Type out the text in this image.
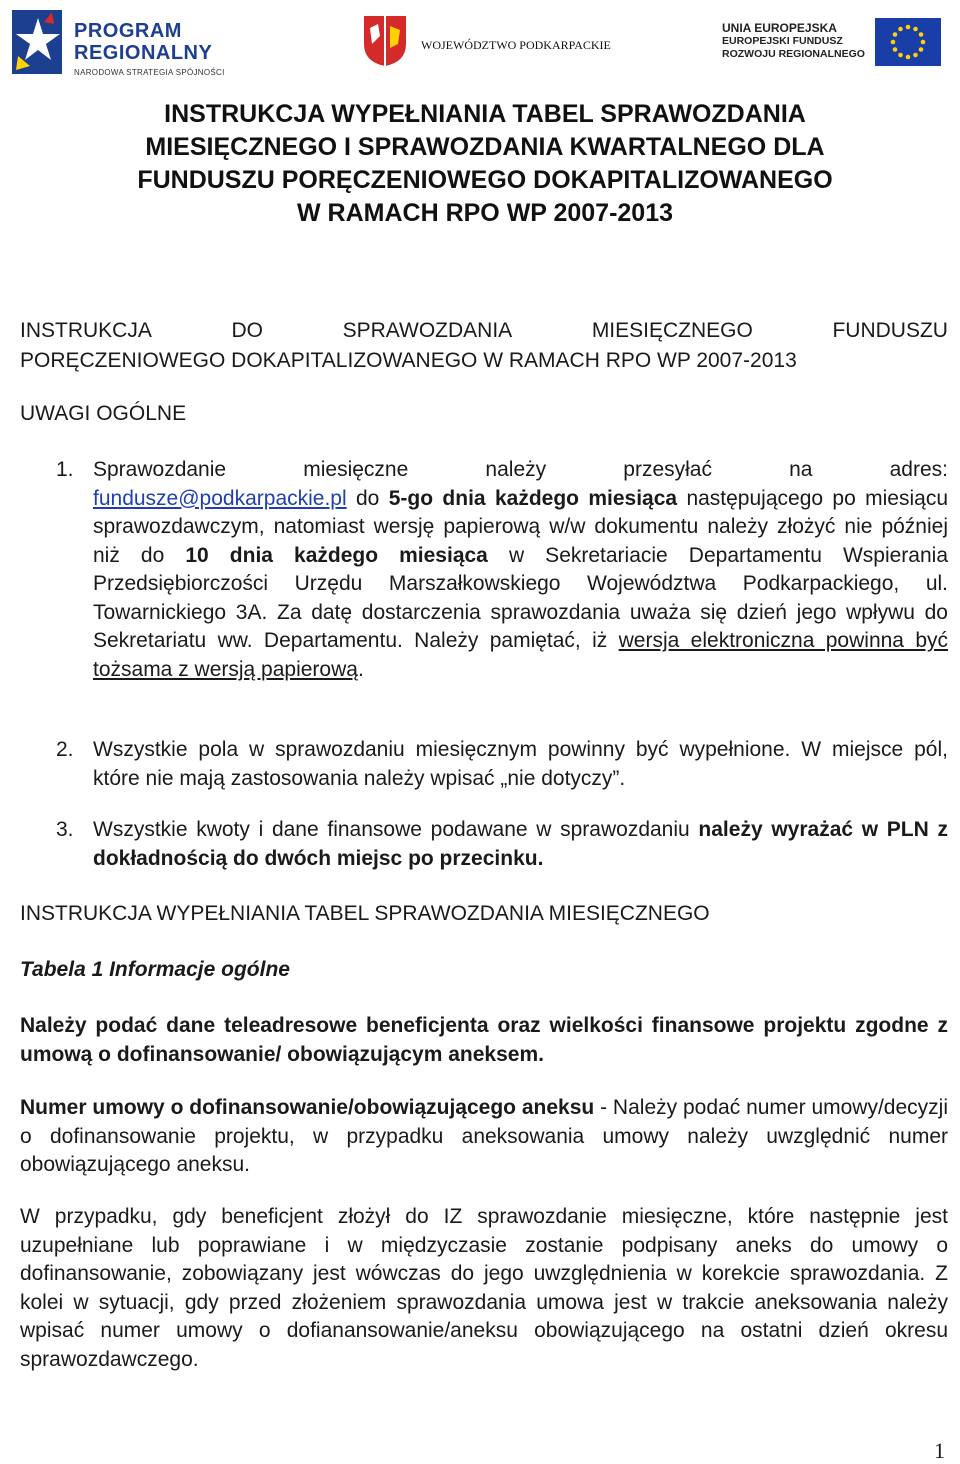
PROGRAM
REGIONALNY
NARODOWA STRATEGIA SPÓJNOŚCI
WOJEWÓDZTWO PODKARPACKIE
UNIA EUROPEJSKA
EUROPEJSKI FUNDUSZ
ROZWOJU REGIONALNEGO
INSTRUKCJA WYPEŁNIANIA TABEL SPRAWOZDANIA
MIESIĘCZNEGO I SPRAWOZDANIA KWARTALNEGO DLA
FUNDUSZU PORĘCZENIOWEGO DOKAPITALIZOWANEGO
W RAMACH RPO WP 2007-2013
INSTRUKCJA	DO	SPRAWOZDANIA	MIESIĘCZNEGO	FUNDUSZU
PORĘCZENIOWEGO DOKAPITALIZOWANEGO W RAMACH RPO WP 2007-2013
UWAGI OGÓLNE
1. Sprawozdanie	miesięczne	należy	przesyłać	na	adres:
fundusze@podkarpackie.pl do 5-go dnia każdego miesiąca następującego po miesiącu sprawozdawczym, natomiast wersję papierową w/w dokumentu należy złożyć nie później niż do 10 dnia każdego miesiąca w Sekretariacie Departamentu Wspierania Przedsiębiorczości Urzędu Marszałkowskiego Województwa Podkarpackiego, ul. Towarnickiego 3A. Za datę dostarczenia sprawozdania uważa się dzień jego wpływu do Sekretariatu ww. Departamentu. Należy pamiętać, iż wersja elektroniczna powinna być tożsama z wersją papierową.
2. Wszystkie pola w sprawozdaniu miesięcznym powinny być wypełnione. W miejsce pól, które nie mają zastosowania należy wpisać „nie dotyczy”.
3. Wszystkie kwoty i dane finansowe podawane w sprawozdaniu należy wyrażać w PLN z dokładnością do dwóch miejsc po przecinku.
INSTRUKCJA WYPEŁNIANIA TABEL SPRAWOZDANIA MIESIĘCZNEGO
Tabela 1 Informacje ogólne
Należy podać dane teleadresowe beneficjenta oraz wielkości finansowe projektu zgodne z umową o dofinansowanie/ obowiązującym aneksem.
Numer umowy o dofinansowanie/obowiązującego aneksu - Należy podać numer umowy/decyzji o dofinansowanie projektu, w przypadku aneksowania umowy należy uwzględnić numer obowiązującego aneksu.
W przypadku, gdy beneficjent złożył do IZ sprawozdanie miesięczne, które następnie jest uzupełniane lub poprawiane i w międzyczasie zostanie podpisany aneks do umowy o dofinansowanie, zobowiązany jest wówczas do jego uwzględnienia w korekcie sprawozdania. Z kolei w sytuacji, gdy przed złożeniem sprawozdania umowa jest w trakcie aneksowania należy wpisać numer umowy o dofianansowanie/aneksu obowiązującego na ostatni dzień okresu sprawozdawczego.
1
